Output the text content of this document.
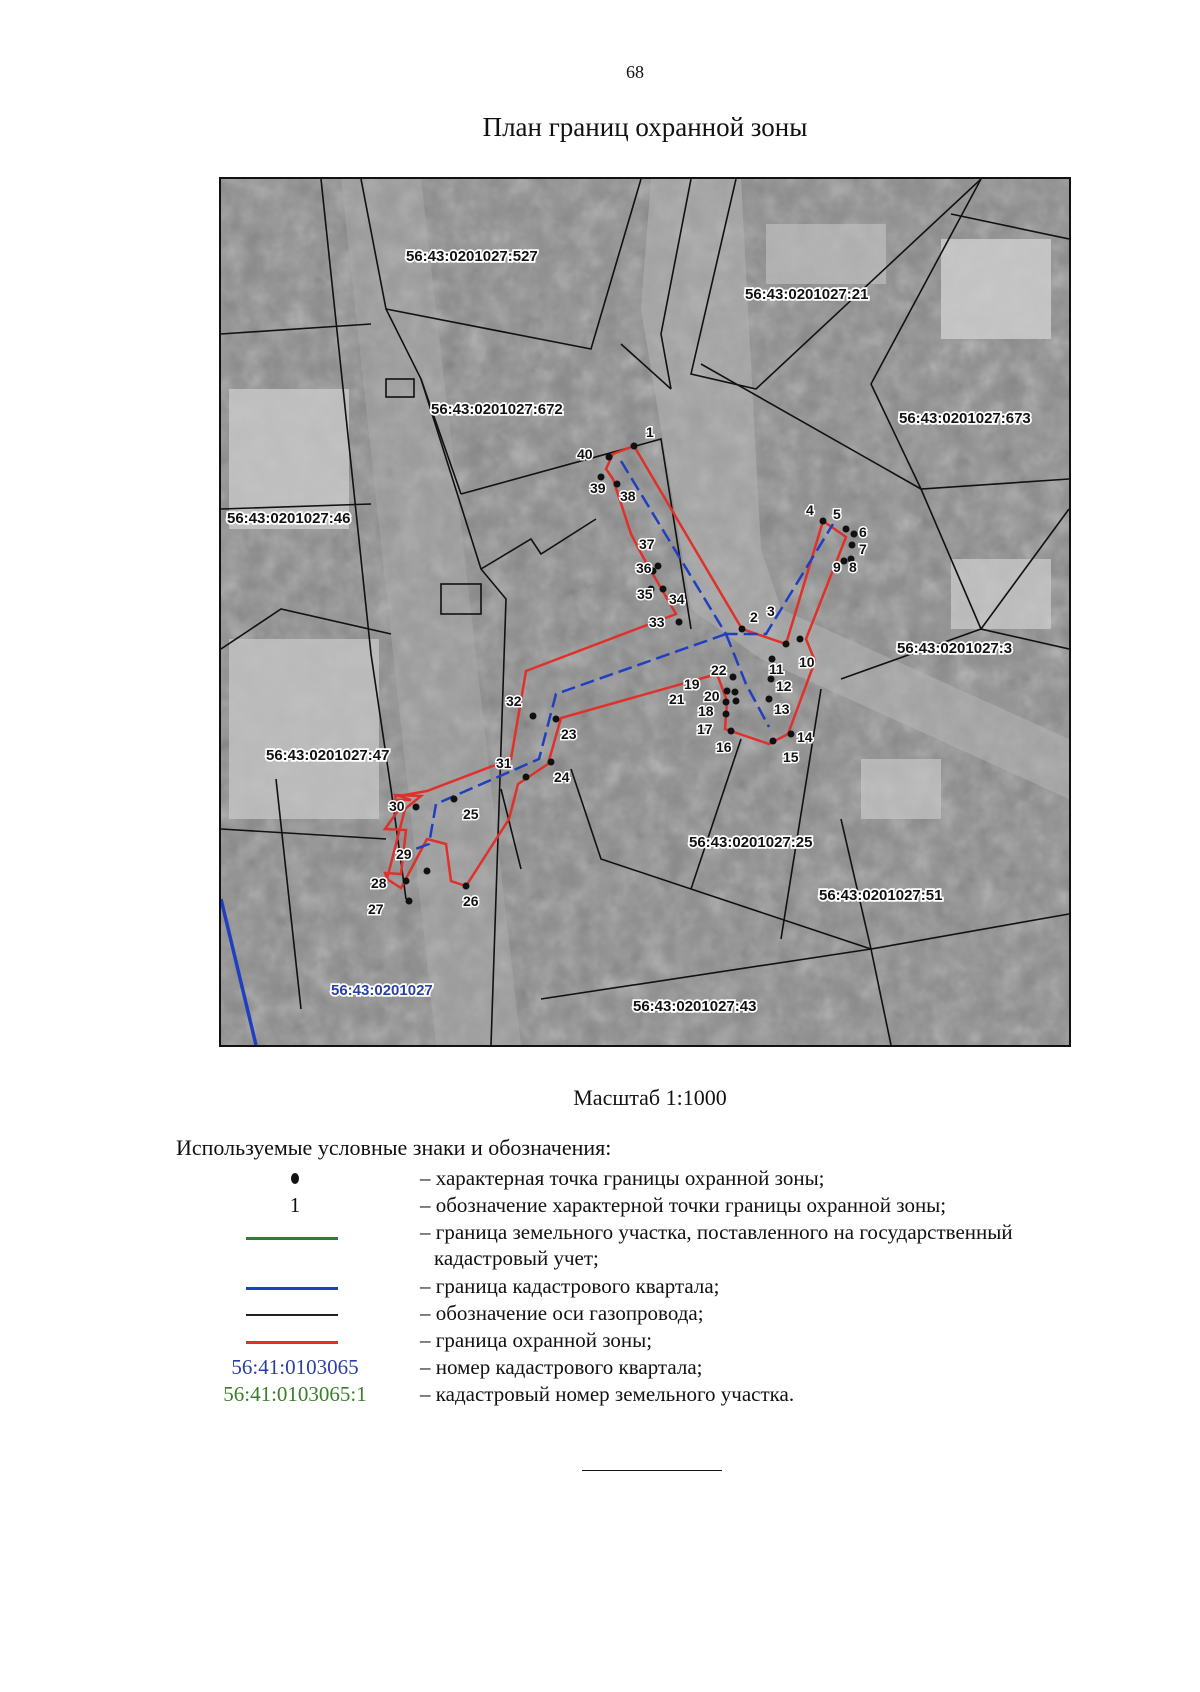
68
План границ охранной зоны
56:43:0201027:527
56:43:0201027:21
56:43:0201027:672
56:43:0201027:673
56:43:0201027:46
56:43:0201027:3
56:43:0201027:47
56:43:0201027:25
56:43:0201027:51
56:43:0201027:43
56:43:0201027
1
2 3
4 5
6
7
8
9
10
11
12
13
14
15
16
17
18
19
20
21
22
23
24
25
26
27
28
29
30
31
32
33
34
35
36
37
38
39
40
Масштаб 1:1000
Используемые условные знаки и обозначения:
– характерная точка границы охранной зоны;
1	– обозначение характерной точки границы охранной зоны;
– граница земельного участка, поставленного на государственный
кадастровый учет;
– граница кадастрового квартала;
– обозначение оси газопровода;
– граница охранной зоны;
56:41:0103065	– номер кадастрового квартала;
56:41:0103065:1	– кадастровый номер земельного участка.
